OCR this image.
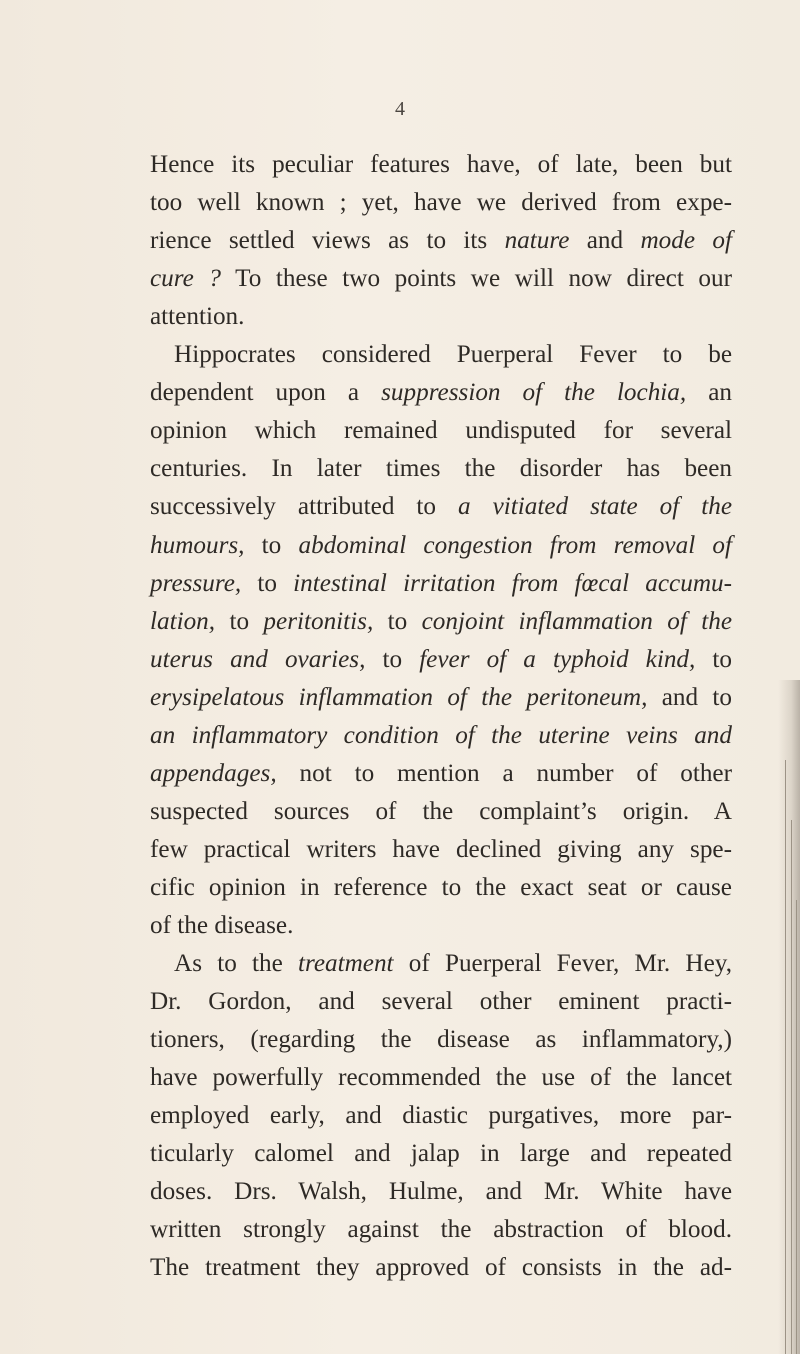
4
Hence its peculiar features have, of late, been but
too well known ; yet, have we derived from expe-
rience settled views as to its nature and mode of
cure ? To these two points we will now direct our
attention.
Hippocrates considered Puerperal Fever to be
dependent upon a suppression of the lochia, an
opinion which remained undisputed for several
centuries. In later times the disorder has been
successively attributed to a vitiated state of the
humours, to abdominal congestion from removal of
pressure, to intestinal irritation from fœcal accumu-
lation, to peritonitis, to conjoint inflammation of the
uterus and ovaries, to fever of a typhoid kind, to
erysipelatous inflammation of the peritoneum, and to
an inflammatory condition of the uterine veins and
appendages, not to mention a number of other
suspected sources of the complaint’s origin. A
few practical writers have declined giving any spe-
cific opinion in reference to the exact seat or cause
of the disease.
As to the treatment of Puerperal Fever, Mr. Hey,
Dr. Gordon, and several other eminent practi-
tioners, (regarding the disease as inflammatory,)
have powerfully recommended the use of the lancet
employed early, and diastic purgatives, more par-
ticularly calomel and jalap in large and repeated
doses. Drs. Walsh, Hulme, and Mr. White have
written strongly against the abstraction of blood.
The treatment they approved of consists in the ad-
